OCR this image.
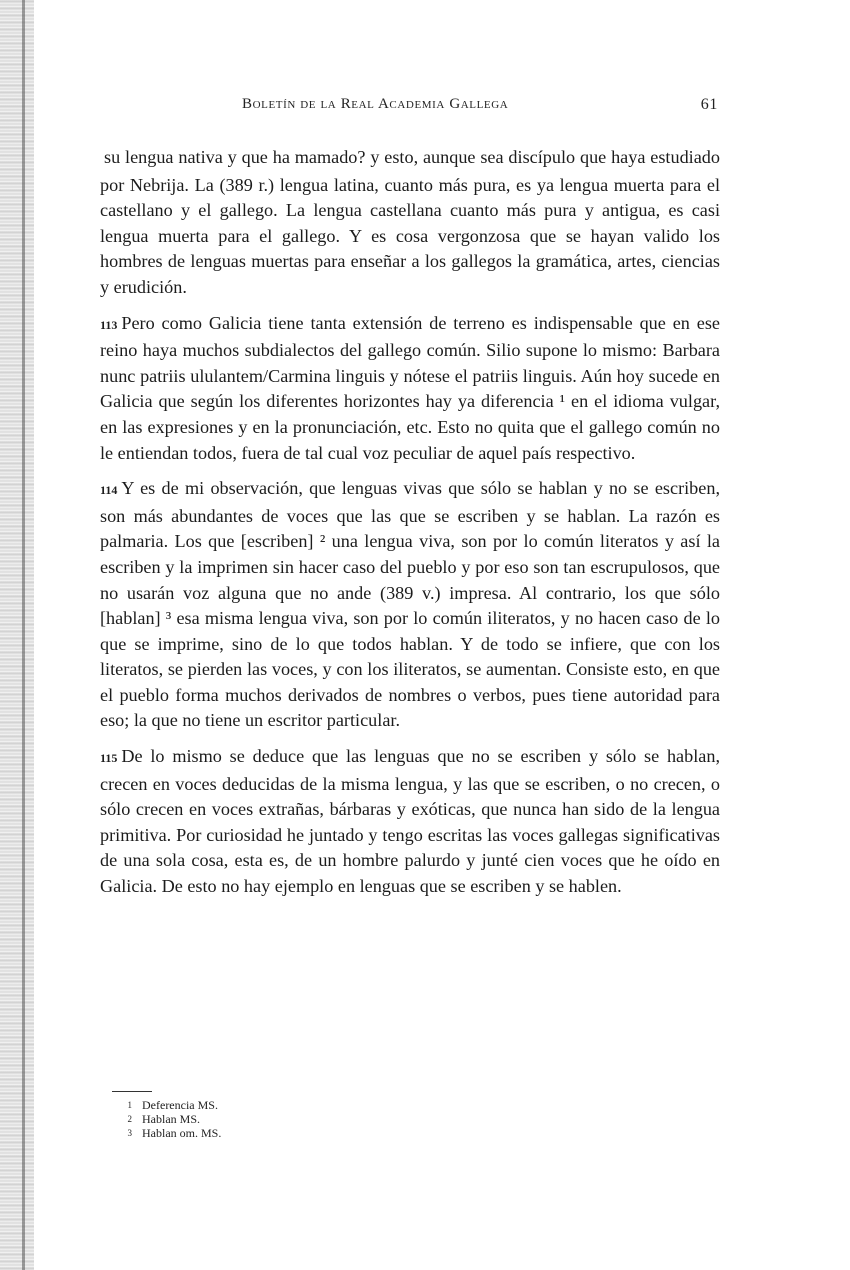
Boletín de la Real Academia Gallega	61

su lengua nativa y que ha mamado? y esto, aunque sea discípulo que haya estudiado por Nebrija. La (389 r.) lengua latina, cuanto más pura, es ya lengua muerta para el castellano y el gallego. La lengua castellana cuanto más pura y antigua, es casi lengua muerta para el gallego. Y es cosa vergonzosa que se hayan valido los hombres de lenguas muertas para enseñar a los gallegos la gramática, artes, ciencias y erudición.

113 Pero como Galicia tiene tanta extensión de terreno es indispensable que en ese reino haya muchos subdialectos del gallego común. Silio supone lo mismo: Barbara nunc patriis ululantem/Carmina linguis y nótese el patriis linguis. Aún hoy sucede en Galicia que según los diferentes horizontes hay ya diferencia ¹ en el idioma vulgar, en las expresiones y en la pronunciación, etc. Esto no quita que el gallego común no le entiendan todos, fuera de tal cual voz peculiar de aquel país respectivo.

114 Y es de mi observación, que lenguas vivas que sólo se hablan y no se escriben, son más abundantes de voces que las que se escriben y se hablan. La razón es palmaria. Los que [escriben] ² una lengua viva, son por lo común literatos y así la escriben y la imprimen sin hacer caso del pueblo y por eso son tan escrupulosos, que no usarán voz alguna que no ande (389 v.) impresa. Al contrario, los que sólo [hablan] ³ esa misma lengua viva, son por lo común iliteratos, y no hacen caso de lo que se imprime, sino de lo que todos hablan. Y de todo se infiere, que con los literatos, se pierden las voces, y con los iliteratos, se aumentan. Consiste esto, en que el pueblo forma muchos derivados de nombres o verbos, pues tiene autoridad para eso; la que no tiene un escritor particular.

115 De lo mismo se deduce que las lenguas que no se escriben y sólo se hablan, crecen en voces deducidas de la misma lengua, y las que se escriben, o no crecen, o sólo crecen en voces extrañas, bárbaras y exóticas, que nunca han sido de la lengua primitiva. Por curiosidad he juntado y tengo escritas las voces gallegas significativas de una sola cosa, esta es, de un hombre palurdo y junté cien voces que he oído en Galicia. De esto no hay ejemplo en lenguas que se escriben y se hablen.

1 Deferencia MS.
2 Hablan MS.
3 Hablan om. MS.
